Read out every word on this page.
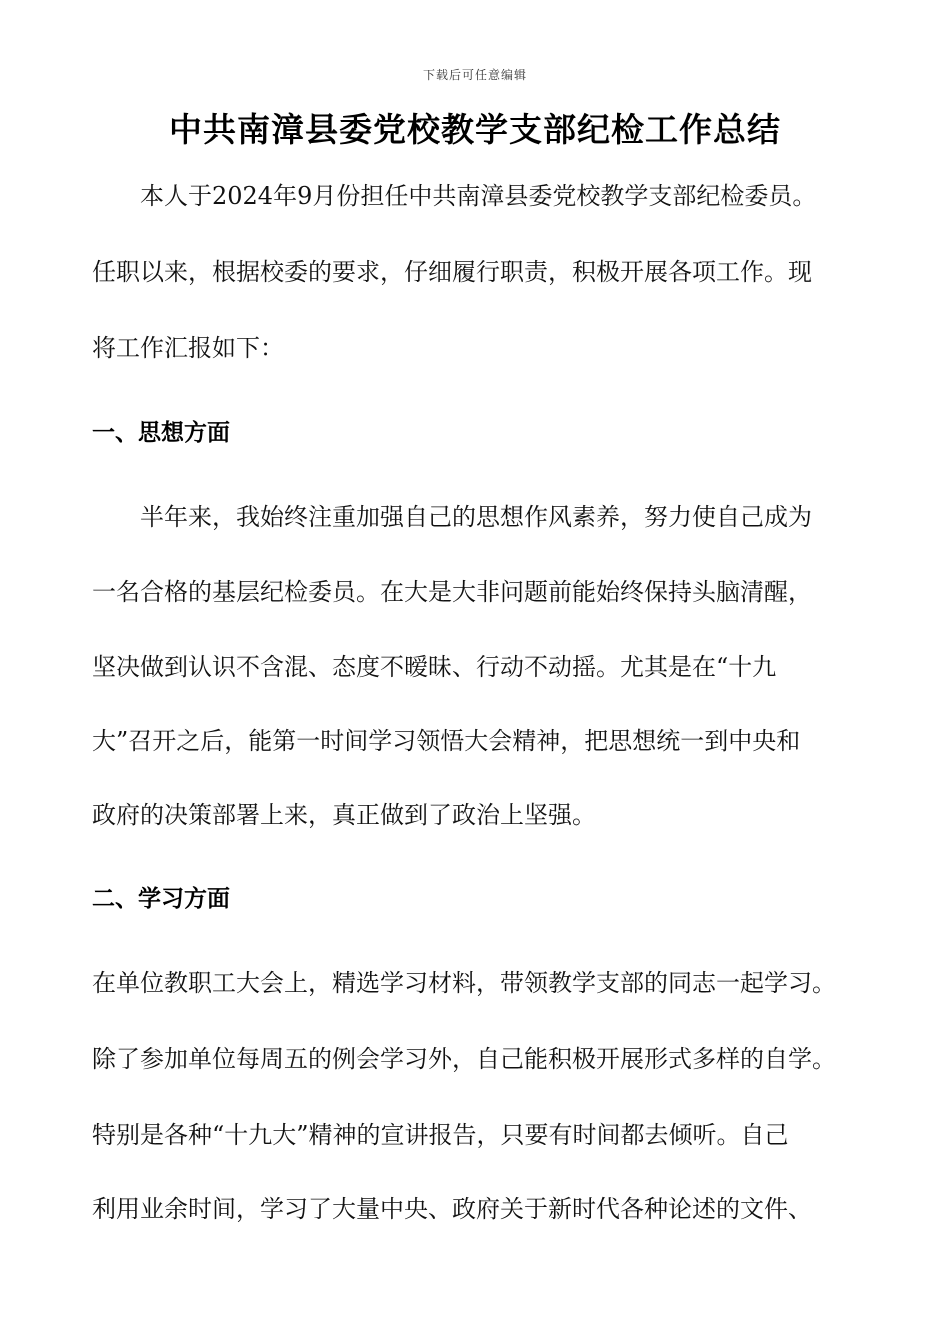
下载后可任意编辑
中共南漳县委党校教学支部纪检工作总结
　　本人于2024年9月份担任中共南漳县委党校教学支部纪检委员。
任职以来，根据校委的要求，仔细履行职责，积极开展各项工作。现
将工作汇报如下：
一、思想方面
　　半年来，我始终注重加强自己的思想作风素养，努力使自己成为
一名合格的基层纪检委员。在大是大非问题前能始终保持头脑清醒，
坚决做到认识不含混、态度不暧昧、行动不动摇。尤其是在“十九
大”召开之后，能第一时间学习领悟大会精神，把思想统一到中央和
政府的决策部署上来，真正做到了政治上坚强。
二、学习方面
在单位教职工大会上，精选学习材料，带领教学支部的同志一起学习。
除了参加单位每周五的例会学习外，自己能积极开展形式多样的自学。
特别是各种“十九大”精神的宣讲报告，只要有时间都去倾听。自己
利用业余时间，学习了大量中央、政府关于新时代各种论述的文件、
